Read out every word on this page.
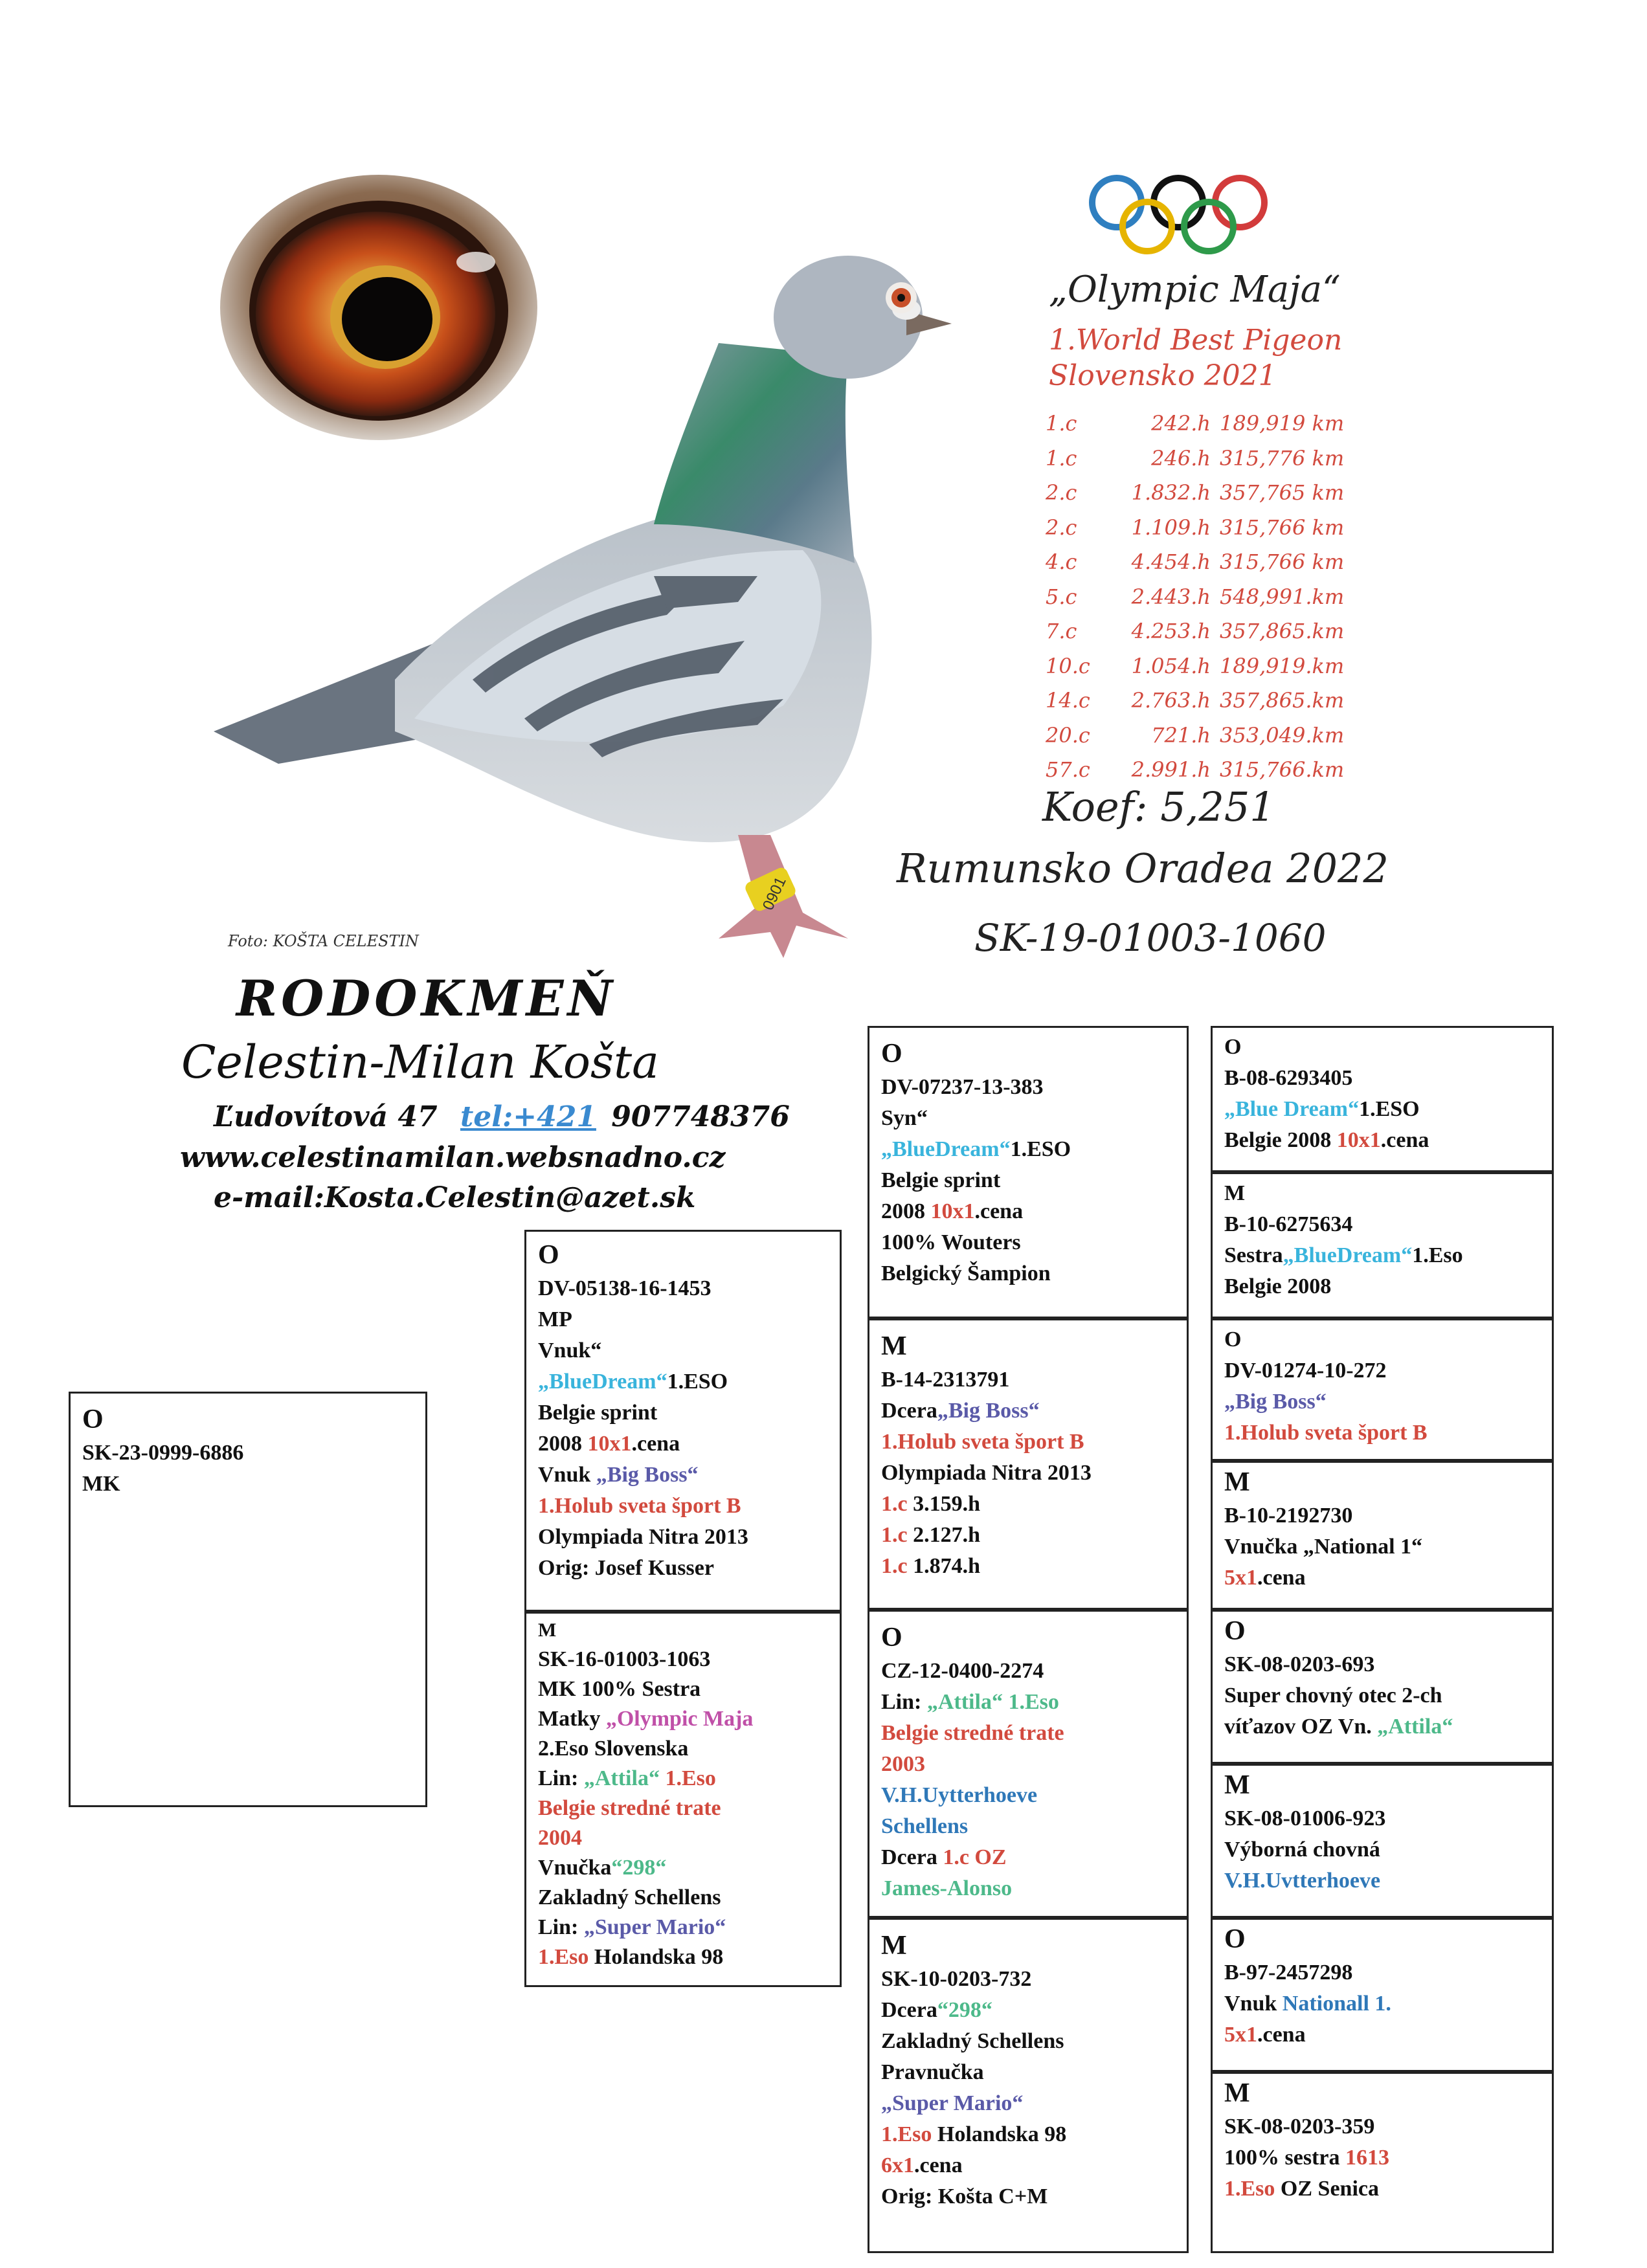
0901
„Olympic Maja“
1.World Best Pigeon
Slovensko 2021
1.c	242.h 189,919 km
1.c	246.h 315,776 km
2.c	1.832.h 357,765 km
2.c	1.109.h 315,766 km
4.c	4.454.h 315,766 km
5.c	2.443.h 548,991.km
7.c	4.253.h 357,865.km
10.c 1.054.h 189,919.km
14.c 2.763.h 357,865.km
20.c	721.h 353,049.km
57.c 2.991.h 315,766.km
Koef: 5,251
Rumunsko Oradea 2022
SK-19-01003-1060
Foto: KOŠTA CELESTIN
RODOKMEŇ
Celestin-Milan Košta
Ľudovítová 47 tel:+421 907748376
www.celestinamilan.websnadno.cz
e-mail:Kosta.Celestin@azet.sk
O
SK-23-0999-6886
MK
O
DV-05138-16-1453
MP
Vnuk“
„BlueDream“1.ESO
Belgie sprint
2008 10x1.cena
Vnuk „Big Boss“
1.Holub sveta šport B
Olympiada Nitra 2013
Orig: Josef Kusser
M
SK-16-01003-1063
MK 100% Sestra
Matky „Olympic Maja
2.Eso Slovenska
Lin: „Attila“ 1.Eso
Belgie stredné trate
2004
Vnučka“298“
Zakladný Schellens
Lin: „Super Mario“
1.Eso Holandska 98
O
DV-07237-13-383
Syn“
„BlueDream“1.ESO
Belgie sprint
2008 10x1.cena
100% Wouters
Belgický Šampion
M
B-14-2313791
Dcera„Big Boss“
1.Holub sveta šport B
Olympiada Nitra 2013
1.c 3.159.h
1.c 2.127.h
1.c 1.874.h
O
CZ-12-0400-2274
Lin: „Attila“ 1.Eso
Belgie stredné trate
2003
V.H.Uytterhoeve
Schellens
Dcera 1.c OZ
James-Alonso
M
SK-10-0203-732
Dcera“298“
Zakladný Schellens
Pravnučka
„Super Mario“
1.Eso Holandska 98
6x1.cena
Orig: Košta C+M
O
B-08-6293405
„Blue Dream“1.ESO
Belgie 2008 10x1.cena
M
B-10-6275634
Sestra„BlueDream“1.Eso
Belgie 2008
O
DV-01274-10-272
„Big Boss“
1.Holub sveta šport B
M
B-10-2192730
Vnučka „National 1“
5x1.cena
O
SK-08-0203-693
Super chovný otec 2-ch
víťazov OZ Vn. „Attila“
M
SK-08-01006-923
Výborná chovná
V.H.Uvtterhoeve
O
B-97-2457298
Vnuk Nationall 1.
5x1.cena
M
SK-08-0203-359
100% sestra 1613
1.Eso OZ Senica
